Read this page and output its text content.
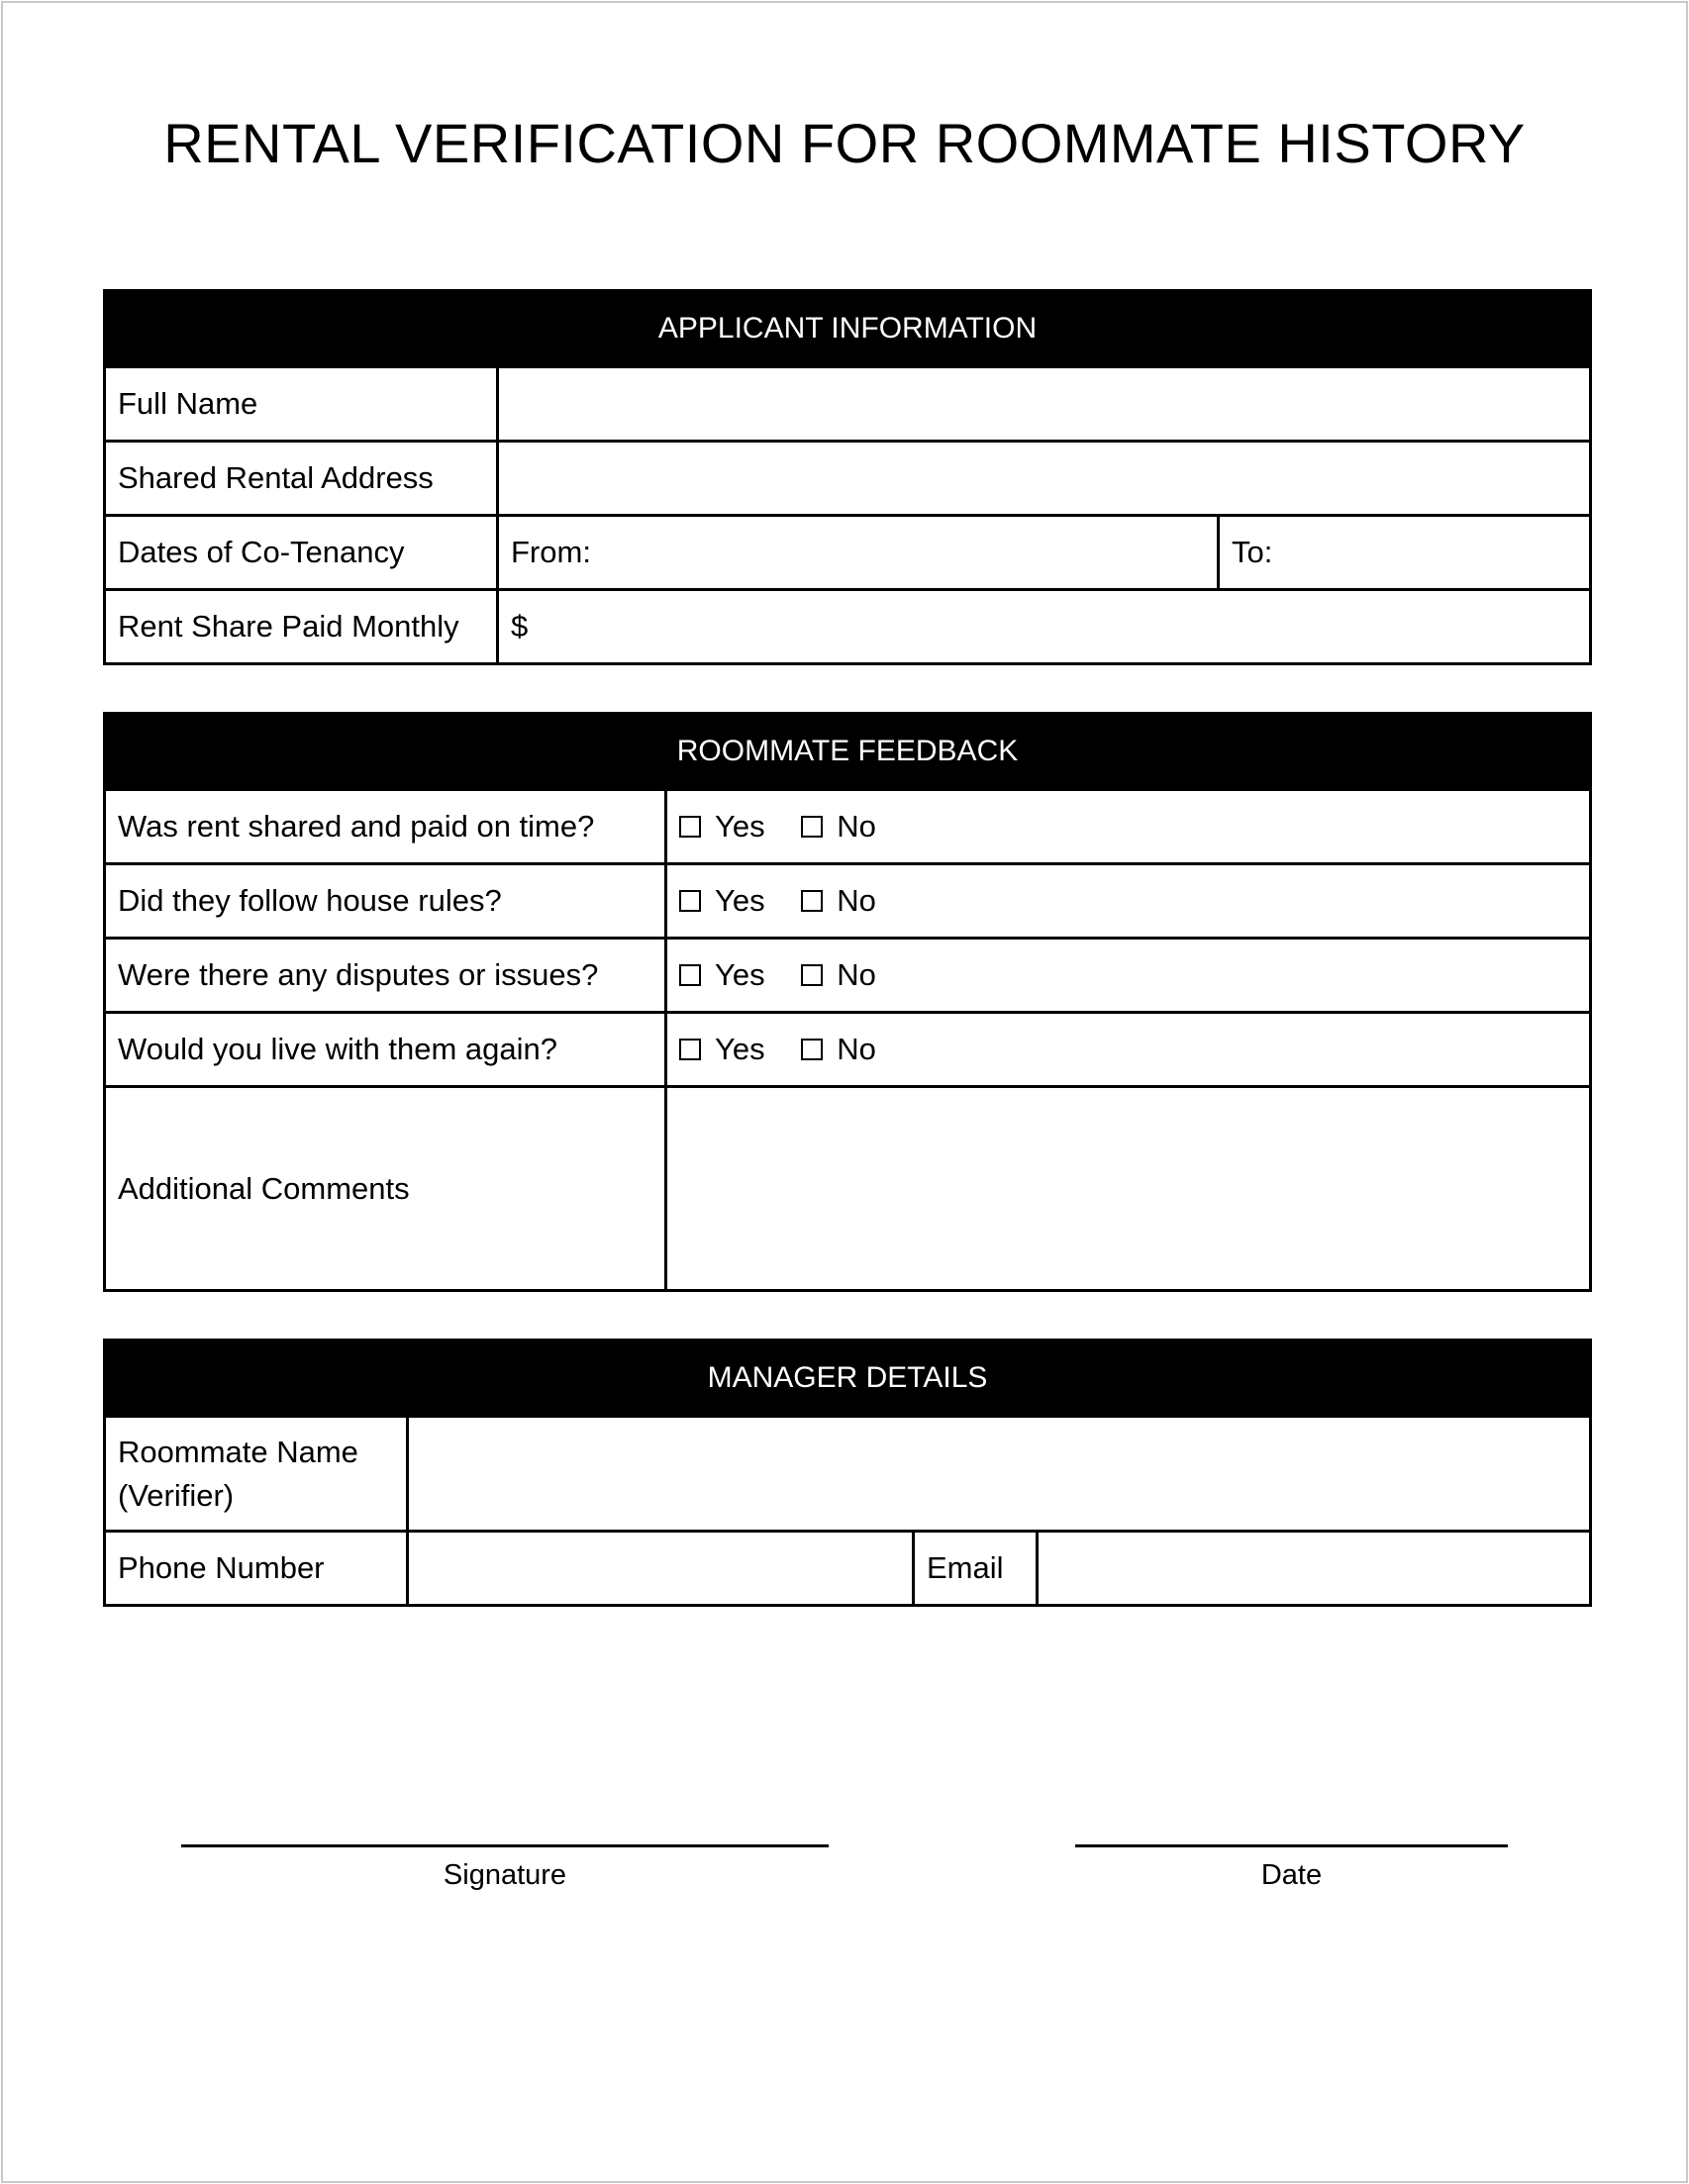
RENTAL VERIFICATION FOR ROOMMATE HISTORY
APPLICANT INFORMATION		
Full Name		
Shared Rental Address		
Dates of Co-Tenancy	From:	To:
Rent Share Paid Monthly	$	
ROOMMATE FEEDBACK	
Was rent shared and paid on time?	Yes
No

Did they follow house rules?	Yes
No

Were there any disputes or issues?	Yes
No

Would you live with them again?	Yes
No

Additional Comments	
MANAGER DETAILS			
Roommate Name
(Verifier)			
Phone Number		Email	
Signature	Date
